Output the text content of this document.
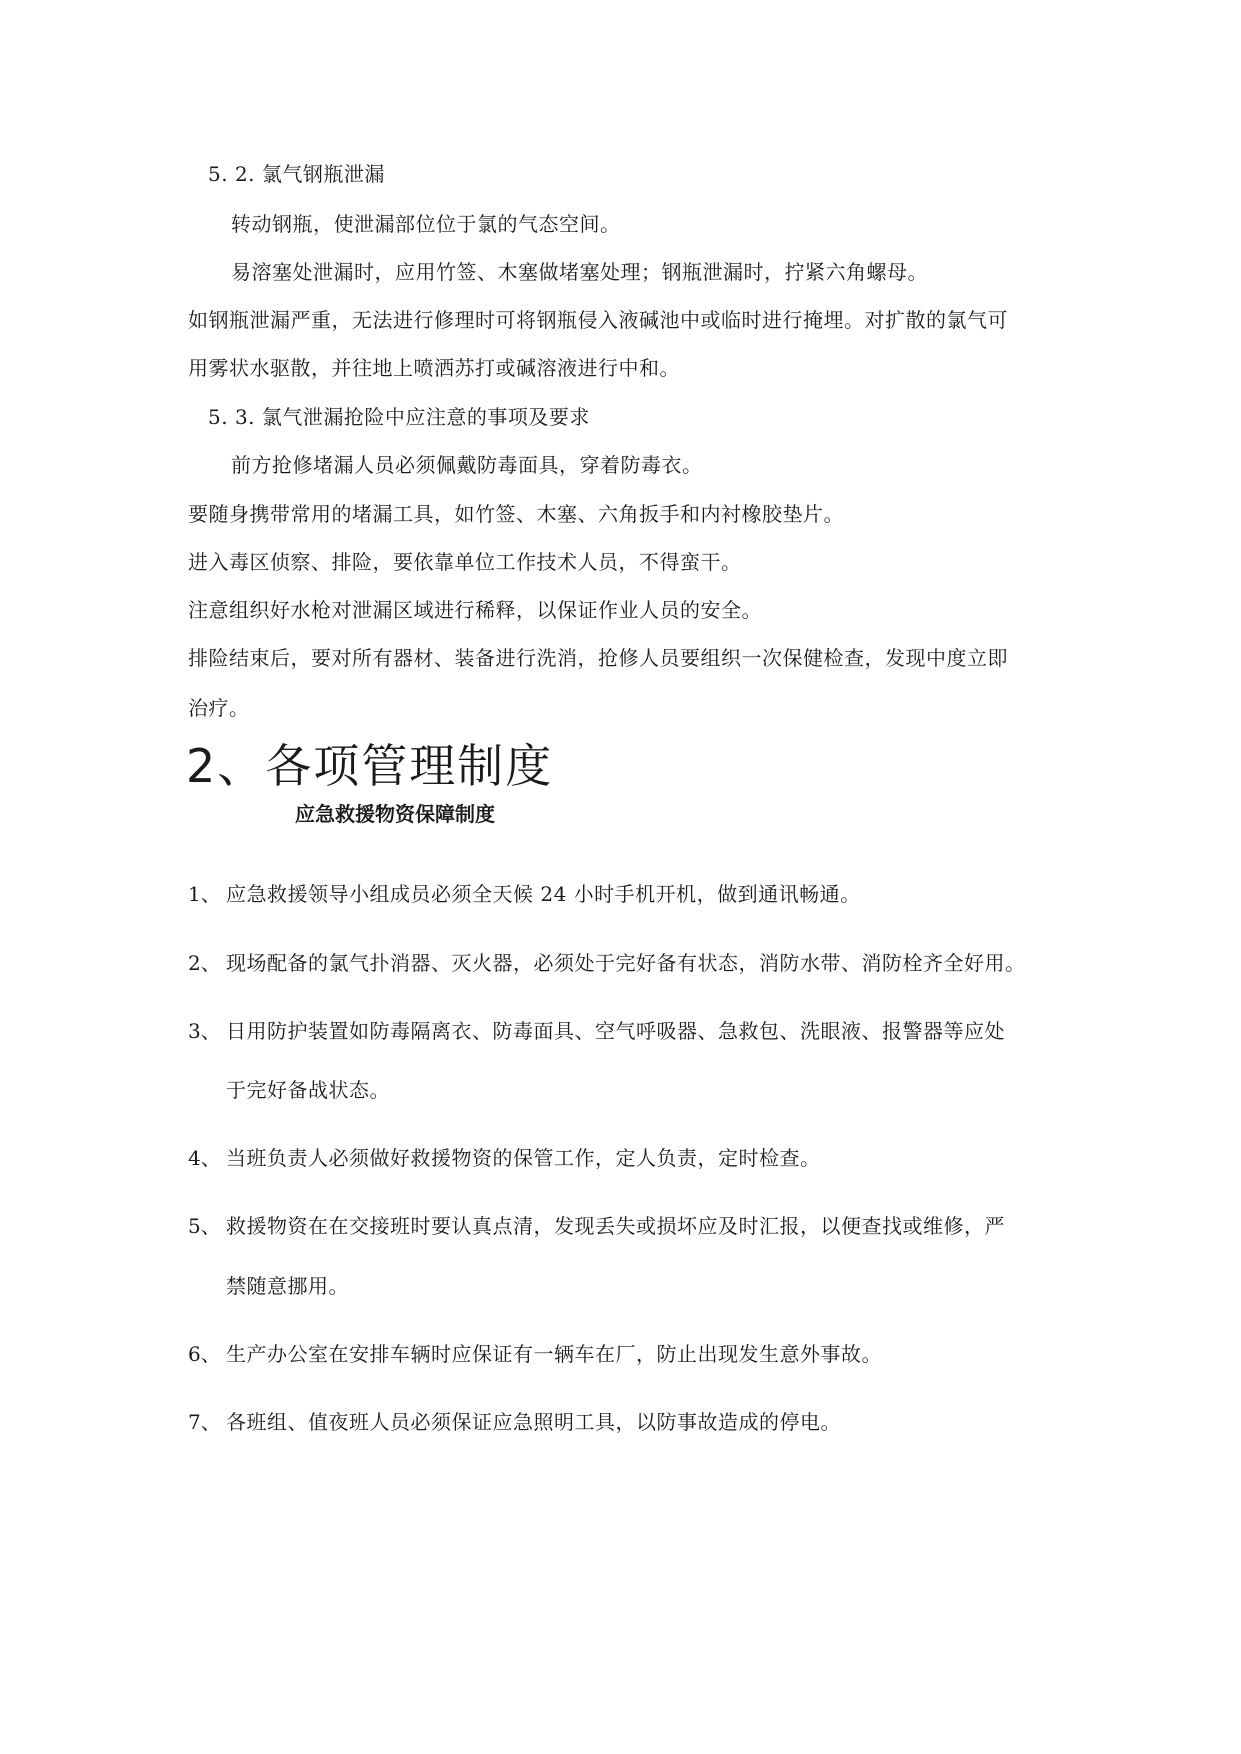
5. 2. 氯气钢瓶泄漏
转动钢瓶，使泄漏部位位于氯的气态空间。
易溶塞处泄漏时，应用竹签、木塞做堵塞处理；钢瓶泄漏时，拧紧六角螺母。
如钢瓶泄漏严重，无法进行修理时可将钢瓶侵入液碱池中或临时进行掩埋。对扩散的氯气可
用雾状水驱散，并往地上喷洒苏打或碱溶液进行中和。
5. 3. 氯气泄漏抢险中应注意的事项及要求
前方抢修堵漏人员必须佩戴防毒面具，穿着防毒衣。
要随身携带常用的堵漏工具，如竹签、木塞、六角扳手和内衬橡胶垫片。
进入毒区侦察、排险，要依靠单位工作技术人员，不得蛮干。
注意组织好水枪对泄漏区域进行稀释，以保证作业人员的安全。
排险结束后，要对所有器材、装备进行洗消，抢修人员要组织一次保健检查，发现中度立即
治疗。
2、各项管理制度
应急救援物资保障制度
1、 应急救援领导小组成员必须全天候 24 小时手机开机，做到通讯畅通。
2、 现场配备的氯气扑消器、灭火器，必须处于完好备有状态，消防水带、消防栓齐全好用。
3、 日用防护装置如防毒隔离衣、防毒面具、空气呼吸器、急救包、洗眼液、报警器等应处
于完好备战状态。
4、 当班负责人必须做好救援物资的保管工作，定人负责，定时检查。
5、 救援物资在在交接班时要认真点清，发现丢失或损坏应及时汇报，以便查找或维修，严
禁随意挪用。
6、 生产办公室在安排车辆时应保证有一辆车在厂，防止出现发生意外事故。
7、 各班组、值夜班人员必须保证应急照明工具，以防事故造成的停电。
